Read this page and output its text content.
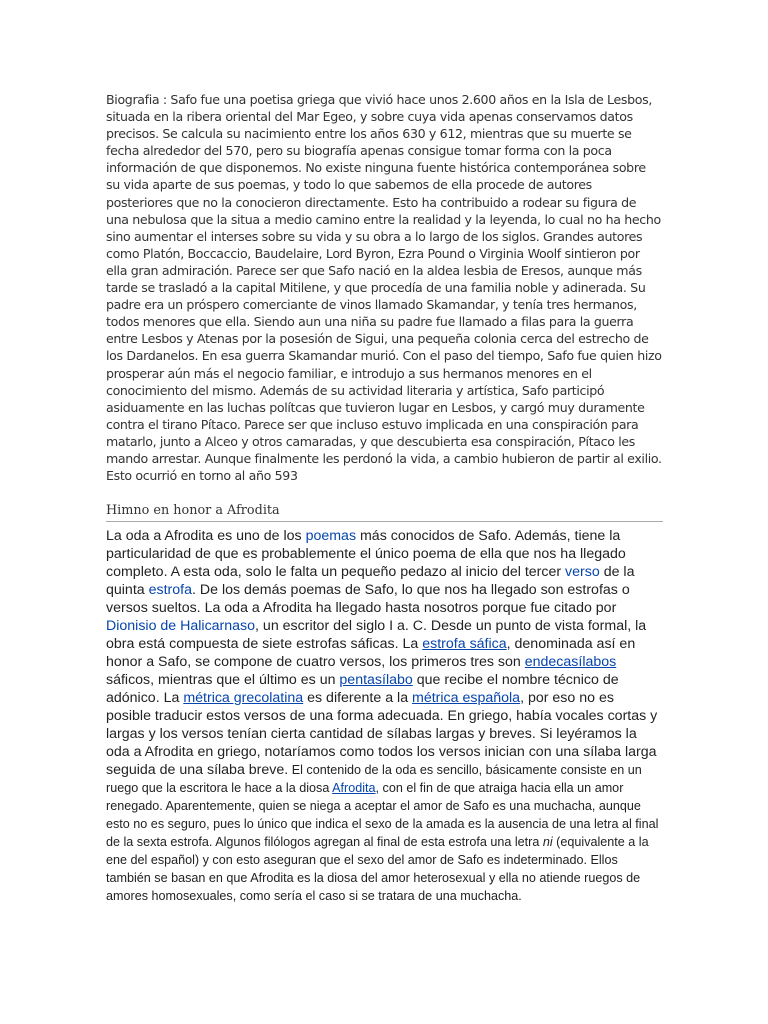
Biografia : Safo fue una poetisa griega que vivió hace unos 2.600 años en la Isla de Lesbos, situada en la ribera oriental del Mar Egeo, y sobre cuya vida apenas conservamos datos precisos. Se calcula su nacimiento entre los años 630 y 612, mientras que su muerte se fecha alrededor del 570, pero su biografía apenas consigue tomar forma con la poca información de que disponemos. No existe ninguna fuente histórica contemporánea sobre su vida aparte de sus poemas, y todo lo que sabemos de ella procede de autores posteriores que no la conocieron directamente. Esto ha contribuido a rodear su figura de una nebulosa que la situa a medio camino entre la realidad y la leyenda, lo cual no ha hecho sino aumentar el interses sobre su vida y su obra a lo largo de los siglos. Grandes autores como Platón, Boccaccio, Baudelaire, Lord Byron, Ezra Pound o Virginia Woolf sintieron por ella gran admiración. Parece ser que Safo nació en la aldea lesbia de Eresos, aunque más tarde se trasladó a la capital Mitilene, y que procedía de una familia noble y adinerada. Su padre era un próspero comerciante de vinos llamado Skamandar, y tenía tres hermanos, todos menores que ella. Siendo aun una niña su padre fue llamado a filas para la guerra entre Lesbos y Atenas por la posesión de Sigui, una pequeña colonia cerca del estrecho de los Dardanelos. En esa guerra Skamandar murió. Con el paso del tiempo, Safo fue quien hizo prosperar aún más el negocio familiar, e introdujo a sus hermanos menores en el conocimiento del mismo. Además de su actividad literaria y artística, Safo participó asiduamente en las luchas polítcas que tuvieron lugar en Lesbos, y cargó muy duramente contra el tirano Pítaco. Parece ser que incluso estuvo implicada en una conspiración para matarlo, junto a Alceo y otros camaradas, y que descubierta esa conspiración, Pítaco les mando arrestar. Aunque finalmente les perdonó la vida, a cambio hubieron de partir al exilio. Esto ocurrió en torno al año 593

Himno en honor a Afrodita

La oda a Afrodita es uno de los poemas más conocidos de Safo. Además, tiene la particularidad de que es probablemente el único poema de ella que nos ha llegado completo. A esta oda, solo le falta un pequeño pedazo al inicio del tercer verso de la quinta estrofa. De los demás poemas de Safo, lo que nos ha llegado son estrofas o versos sueltos. La oda a Afrodita ha llegado hasta nosotros porque fue citado por Dionisio de Halicarnaso, un escritor del siglo I a. C. Desde un punto de vista formal, la obra está compuesta de siete estrofas sáficas. La estrofa sáfica, denominada así en honor a Safo, se compone de cuatro versos, los primeros tres son endecasílabos sáficos, mientras que el último es un pentasílabo que recibe el nombre técnico de adónico. La métrica grecolatina es diferente a la métrica española, por eso no es posible traducir estos versos de una forma adecuada. En griego, había vocales cortas y largas y los versos tenían cierta cantidad de sílabas largas y breves. Si leyéramos la oda a Afrodita en griego, notaríamos como todos los versos inician con una sílaba larga seguida de una sílaba breve. El contenido de la oda es sencillo, básicamente consiste en un ruego que la escritora le hace a la diosa Afrodita, con el fin de que atraiga hacia ella un amor renegado. Aparentemente, quien se niega a aceptar el amor de Safo es una muchacha, aunque esto no es seguro, pues lo único que indica el sexo de la amada es la ausencia de una letra al final de la sexta estrofa. Algunos filólogos agregan al final de esta estrofa una letra ni (equivalente a la ene del español) y con esto aseguran que el sexo del amor de Safo es indeterminado. Ellos también se basan en que Afrodita es la diosa del amor heterosexual y ella no atiende ruegos de amores homosexuales, como sería el caso si se tratara de una muchacha.
